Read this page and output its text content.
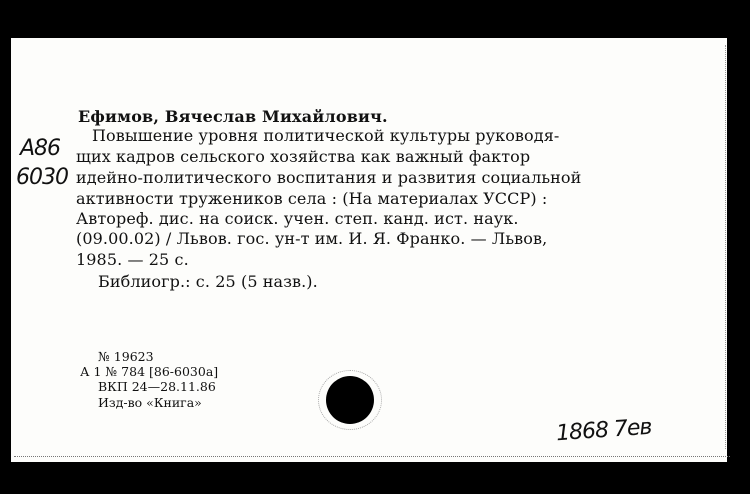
Ефимов, Вячеслав Михайлович.
Повышение уровня политической культуры руководя-
щих кадров сельского хозяйства как важный фактор
идейно-политического воспитания и развития социальной
активности тружеников села : (На материалах УССР) :
Автореф. дис. на соиск. учен. степ. канд. ист. наук.
(09.00.02) / Львов. гос. ун-т им. И. Я. Франко. — Львов,
1985. — 25 с.
Библиогр.: с. 25 (5 назв.).
№ 19623
А 1 № 784 [86-6030а]
ВКП 24—28.11.86
Изд-во «Книга»
А86
6030
1868 7ев
